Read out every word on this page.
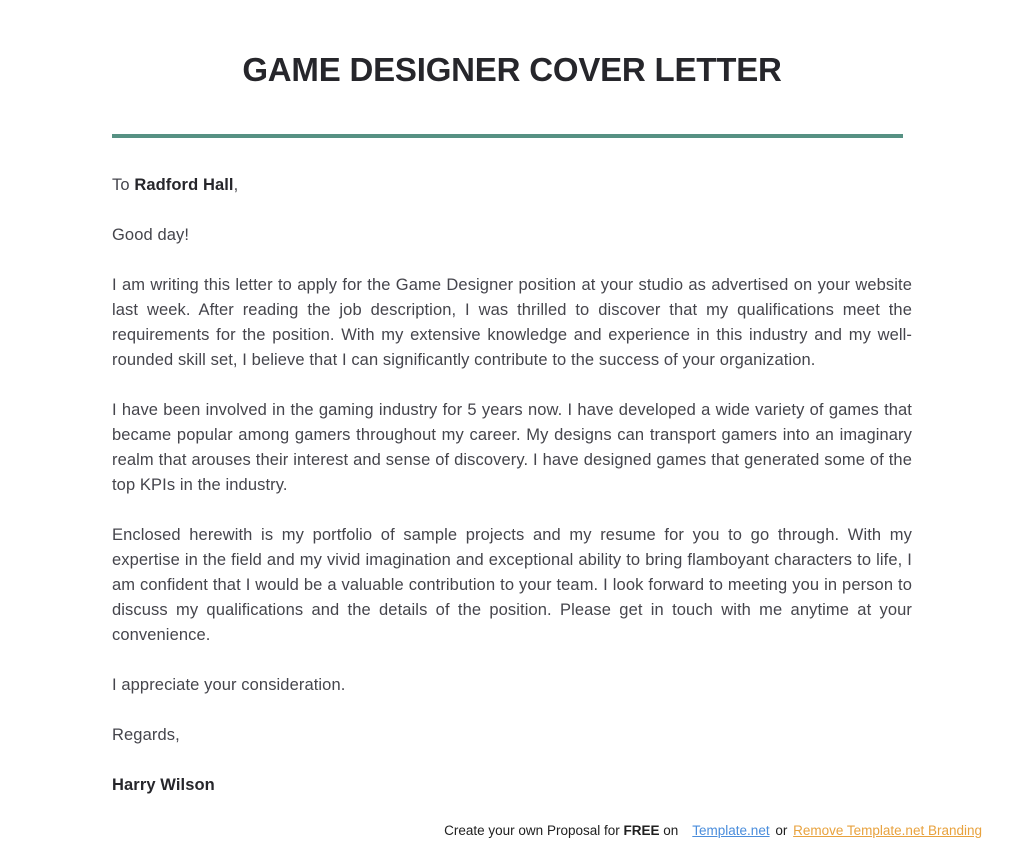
GAME DESIGNER COVER LETTER

To Radford Hall,

Good day!

I am writing this letter to apply for the Game Designer position at your studio as advertised on your website last week. After reading the job description, I was thrilled to discover that my qualifications meet the requirements for the position. With my extensive knowledge and experience in this industry and my well-rounded skill set, I believe that I can significantly contribute to the success of your organization.

I have been involved in the gaming industry for 5 years now. I have developed a wide variety of games that became popular among gamers throughout my career. My designs can transport gamers into an imaginary realm that arouses their interest and sense of discovery. I have designed games that generated some of the top KPIs in the industry.

Enclosed herewith is my portfolio of sample projects and my resume for you to go through. With my expertise in the field and my vivid imagination and exceptional ability to bring flamboyant characters to life, I am confident that I would be a valuable contribution to your team. I look forward to meeting you in person to discuss my qualifications and the details of the position. Please get in touch with me anytime at your convenience.

I appreciate your consideration.

Regards,

Harry Wilson

Create your own Proposal for FREE on Template.net or Remove Template.net Branding
